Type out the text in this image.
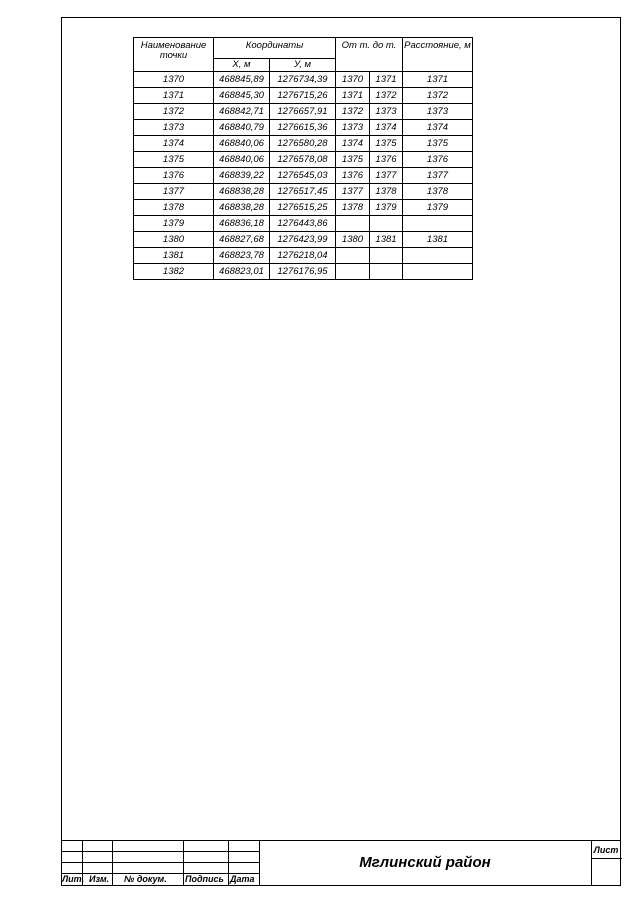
Наименование точки	Координаты		От т. до т.		Расстояние, м
	Х, м	У, м			
1370	468845,89	1276734,39	1370	1371	1371
1371	468845,30	1276715,26	1371	1372	1372
1372	468842,71	1276657,91	1372	1373	1373
1373	468840,79	1276615,36	1373	1374	1374
1374	468840,06	1276580,28	1374	1375	1375
1375	468840,06	1276578,08	1375	1376	1376
1376	468839,22	1276545,03	1376	1377	1377
1377	468838,28	1276517,45	1377	1378	1378
1378	468838,28	1276515,25	1378	1379	1379
1379	468836,18	1276443,86			
1380	468827,68	1276423,99	1380	1381	1381
1381	468823,78	1276218,04			
1382	468823,01	1276176,95			
Лит. Изм. № докум. Подпись Дата
Мглинский район
Лист
